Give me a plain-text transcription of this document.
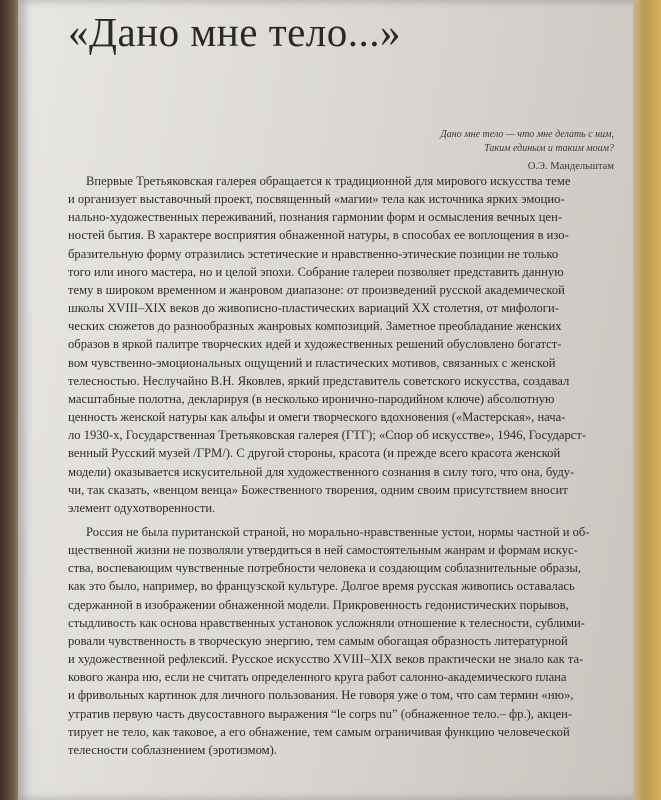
«Дано мне тело...»
Дано мне тело — что мне делать с ним,
Таким единым и таким моим?
О.Э. Мандельштам
Впервые Третьяковская галерея обращается к традиционной для мирового искусства теме
и организует выставочный проект, посвященный «магии» тела как источника ярких эмоцио-
нально-художественных переживаний, познания гармонии форм и осмысления вечных цен-
ностей бытия. В характере восприятия обнаженной натуры, в способах ее воплощения в изо-
бразительную форму отразились эстетические и нравственно-этические позиции не только
того или иного мастера, но и целой эпохи. Собрание галереи позволяет представить данную
тему в широком временном и жанровом диапазоне: от произведений русской академической
школы XVIII–XIX веков до живописно-пластических вариаций XX столетия, от мифологи-
ческих сюжетов до разнообразных жанровых композиций. Заметное преобладание женских
образов в яркой палитре творческих идей и художественных решений обусловлено богатст-
вом чувственно-эмоциональных ощущений и пластических мотивов, связанных с женской
телесностью. Неслучайно В.Н. Яковлев, яркий представитель советского искусства, создавал
масштабные полотна, декларируя (в несколько иронично-пародийном ключе) абсолютную
ценность женской натуры как альфы и омеги творческого вдохновения («Мастерская», нача-
ло 1930-х, Государственная Третьяковская галерея (ГТГ); «Спор об искусстве», 1946, Государст-
венный Русский музей /ГРМ/). С другой стороны, красота (и прежде всего красота женской
модели) оказывается искусительной для художественного сознания в силу того, что она, буду-
чи, так сказать, «венцом венца» Божественного творения, одним своим присутствием вносит
элемент одухотворенности.
Россия не была пуританской страной, но морально-нравственные устои, нормы частной и об-
щественной жизни не позволяли утвердиться в ней самостоятельным жанрам и формам искус-
ства, воспевающим чувственные потребности человека и создающим соблазнительные образы,
как это было, например, во французской культуре. Долгое время русская живопись оставалась
сдержанной в изображении обнаженной модели. Прикровенность гедонистических порывов,
стыдливость как основа нравственных установок усложняли отношение к телесности, сублими-
ровали чувственность в творческую энергию, тем самым обогащая образность литературной
и художественной рефлексий. Русское искусство XVIII–XIX веков практически не знало как та-
кового жанра ню, если не считать определенного круга работ салонно-академического плана
и фривольных картинок для личного пользования. Не говоря уже о том, что сам термин «ню»,
утратив первую часть двусоставного выражения “le corps nu” (обнаженное тело.– фр.), акцен-
тирует не тело, как таковое, а его обнажение, тем самым ограничивая функцию человеческой
телесности соблазнением (эротизмом).
